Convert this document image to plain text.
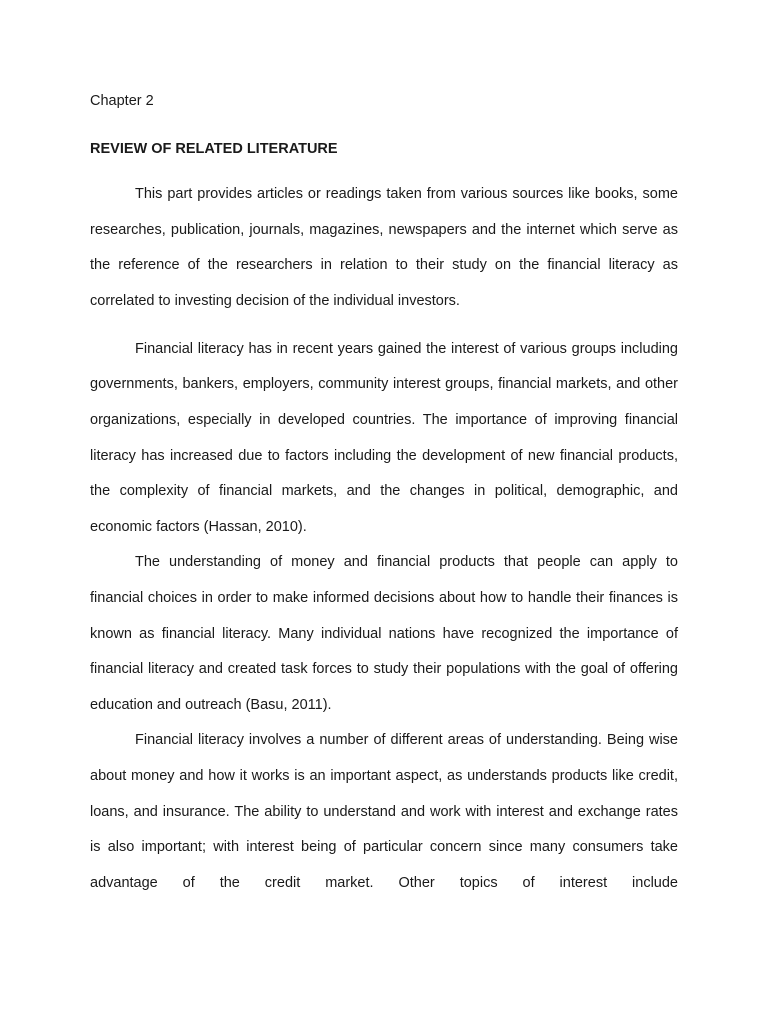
Chapter 2

REVIEW OF RELATED LITERATURE

This part provides articles or readings taken from various sources like books, some researches, publication, journals, magazines, newspapers and the internet which serve as the reference of the researchers in relation to their study on the financial literacy as correlated to investing decision of the individual investors.

Financial literacy has in recent years gained the interest of various groups including governments, bankers, employers, community interest groups, financial markets, and other organizations, especially in developed countries. The importance of improving financial literacy has increased due to factors including the development of new financial products, the complexity of financial markets, and the changes in political, demographic, and economic factors (Hassan, 2010).

The understanding of money and financial products that people can apply to financial choices in order to make informed decisions about how to handle their finances is known as financial literacy. Many individual nations have recognized the importance of financial literacy and created task forces to study their populations with the goal of offering education and outreach (Basu, 2011).

Financial literacy involves a number of different areas of understanding. Being wise about money and how it works is an important aspect, as understands products like credit, loans, and insurance. The ability to understand and work with interest and exchange rates is also important; with interest being of particular concern since many consumers take advantage of the credit market. Other topics of interest include
